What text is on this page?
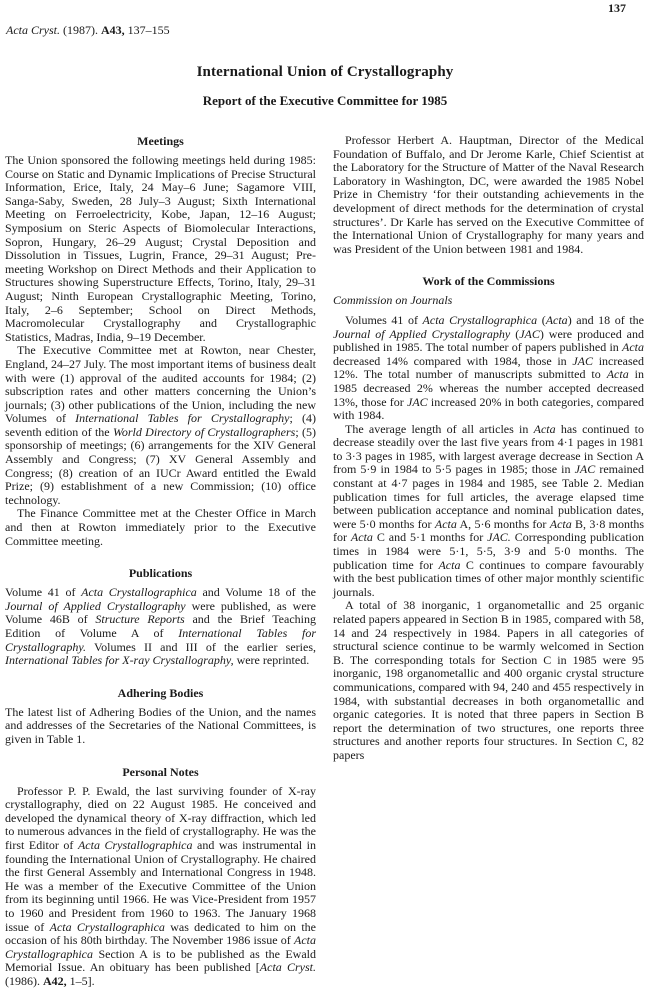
137
Acta Cryst. (1987). A43, 137–155
International Union of Crystallography
Report of the Executive Committee for 1985
Meetings

The Union sponsored the following meetings held during 1985: Course on Static and Dynamic Implications of Precise Structural Information, Erice, Italy, 24 May–6 June; Sagamore VIII, Sanga-Saby, Sweden, 28 July–3 August; Sixth International Meeting on Ferroelectricity, Kobe, Japan, 12–16 August; Symposium on Steric Aspects of Biomolecular Interactions, Sopron, Hungary, 26–29 August; Crystal Deposition and Dissolution in Tissues, Lugrin, France, 29–31 August; Pre-meeting Workshop on Direct Methods and their Application to Structures showing Superstructure Effects, Torino, Italy, 29–31 August; Ninth European Crystallographic Meeting, Torino, Italy, 2–6 September; School on Direct Methods, Macromolecular Crystallography and Crystallographic Statistics, Madras, India, 9–19 December.

The Executive Committee met at Rowton, near Chester, England, 24–27 July. The most important items of business dealt with were (1) approval of the audited accounts for 1984; (2) subscription rates and other matters concerning the Union’s journals; (3) other publications of the Union, including the new Volumes of International Tables for Crystallography; (4) seventh edition of the World Directory of Crystallographers; (5) sponsorship of meetings; (6) arrangements for the XIV General Assembly and Congress; (7) XV General Assembly and Congress; (8) creation of an IUCr Award entitled the Ewald Prize; (9) establishment of a new Commission; (10) office technology.

The Finance Committee met at the Chester Office in March and then at Rowton immediately prior to the Executive Committee meeting.

Publications

Volume 41 of Acta Crystallographica and Volume 18 of the Journal of Applied Crystallography were published, as were Volume 46B of Structure Reports and the Brief Teaching Edition of Volume A of International Tables for Crystallography. Volumes II and III of the earlier series, International Tables for X-ray Crystallography, were reprinted.

Adhering Bodies

The latest list of Adhering Bodies of the Union, and the names and addresses of the Secretaries of the National Committees, is given in Table 1.

Personal Notes

Professor P. P. Ewald, the last surviving founder of X-ray crystallography, died on 22 August 1985. He conceived and developed the dynamical theory of X-ray diffraction, which led to numerous advances in the field of crystallography. He was the first Editor of Acta Crystallographica and was instrumental in founding the International Union of Crystallography. He chaired the first General Assembly and International Congress in 1948. He was a member of the Executive Committee of the Union from its beginning until 1966. He was Vice-President from 1957 to 1960 and President from 1960 to 1963. The January 1968 issue of Acta Crystallographica was dedicated to him on the occasion of his 80th birthday. The November 1986 issue of Acta Crystallographica Section A is to be published as the Ewald Memorial Issue. An obituary has been published [Acta Cryst. (1986). A42, 1–5].

Professor Herbert A. Hauptman, Director of the Medical Foundation of Buffalo, and Dr Jerome Karle, Chief Scientist at the Laboratory for the Structure of Matter of the Naval Research Laboratory in Washington, DC, were awarded the 1985 Nobel Prize in Chemistry ‘for their outstanding achievements in the development of direct methods for the determination of crystal structures’. Dr Karle has served on the Executive Committee of the International Union of Crystallography for many years and was President of the Union between 1981 and 1984.

Work of the Commissions

Commission on Journals

Volumes 41 of Acta Crystallographica (Acta) and 18 of the Journal of Applied Crystallography (JAC) were produced and published in 1985. The total number of papers published in Acta decreased 14% compared with 1984, those in JAC increased 12%. The total number of manuscripts submitted to Acta in 1985 decreased 2% whereas the number accepted decreased 13%, those for JAC increased 20% in both categories, compared with 1984.

The average length of all articles in Acta has continued to decrease steadily over the last five years from 4·1 pages in 1981 to 3·3 pages in 1985, with largest average decrease in Section A from 5·9 in 1984 to 5·5 pages in 1985; those in JAC remained constant at 4·7 pages in 1984 and 1985, see Table 2. Median publication times for full articles, the average elapsed time between publication acceptance and nominal publication dates, were 5·0 months for Acta A, 5·6 months for Acta B, 3·8 months for Acta C and 5·1 months for JAC. Corresponding publication times in 1984 were 5·1, 5·5, 3·9 and 5·0 months. The publication time for Acta C continues to compare favourably with the best publication times of other major monthly scientific journals.

A total of 38 inorganic, 1 organometallic and 25 organic related papers appeared in Section B in 1985, compared with 58, 14 and 24 respectively in 1984. Papers in all categories of structural science continue to be warmly welcomed in Section B. The corresponding totals for Section C in 1985 were 95 inorganic, 198 organometallic and 400 organic crystal structure communications, compared with 94, 240 and 455 respectively in 1984, with substantial decreases in both organometallic and organic categories. It is noted that three papers in Section B report the determination of two structures, one reports three structures and another reports four structures. In Section C, 82 papers
